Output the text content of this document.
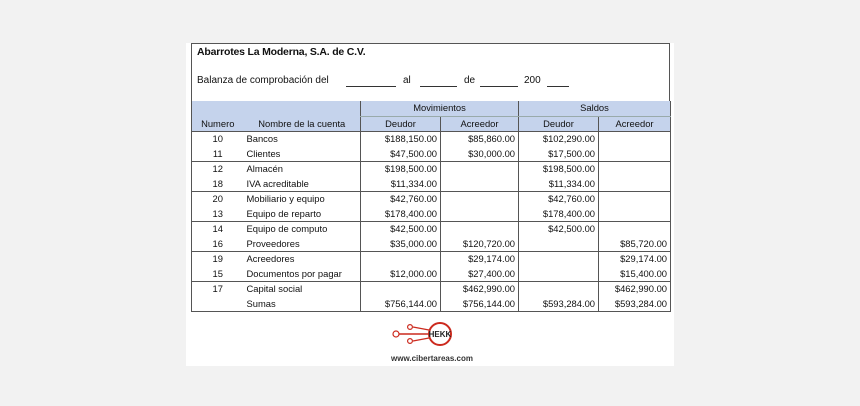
Abarrotes La Moderna, S.A. de C.V.
Balanza de comprobación del	al	de	200
		Movimientos		Saldos	
Numero	Nombre de la cuenta	Deudor	Acreedor	Deudor	Acreedor
10	Bancos	$188,150.00	$85,860.00	$102,290.00	
11	Clientes	$47,500.00	$30,000.00	$17,500.00	
12	Almacén	$198,500.00		$198,500.00	
18	IVA acreditable	$11,334.00		$11,334.00	
20	Mobiliario y equipo	$42,760.00		$42,760.00	
13	Equipo de reparto	$178,400.00		$178,400.00	
14	Equipo de computo	$42,500.00		$42,500.00	
16	Proveedores	$35,000.00	$120,720.00		$85,720.00
19	Acreedores		$29,174.00		$29,174.00
15	Documentos por pagar	$12,000.00	$27,400.00		$15,400.00
17	Capital social		$462,990.00		$462,990.00
	Sumas	$756,144.00	$756,144.00	$593,284.00	$593,284.00
HEKK
www.cibertareas.com
